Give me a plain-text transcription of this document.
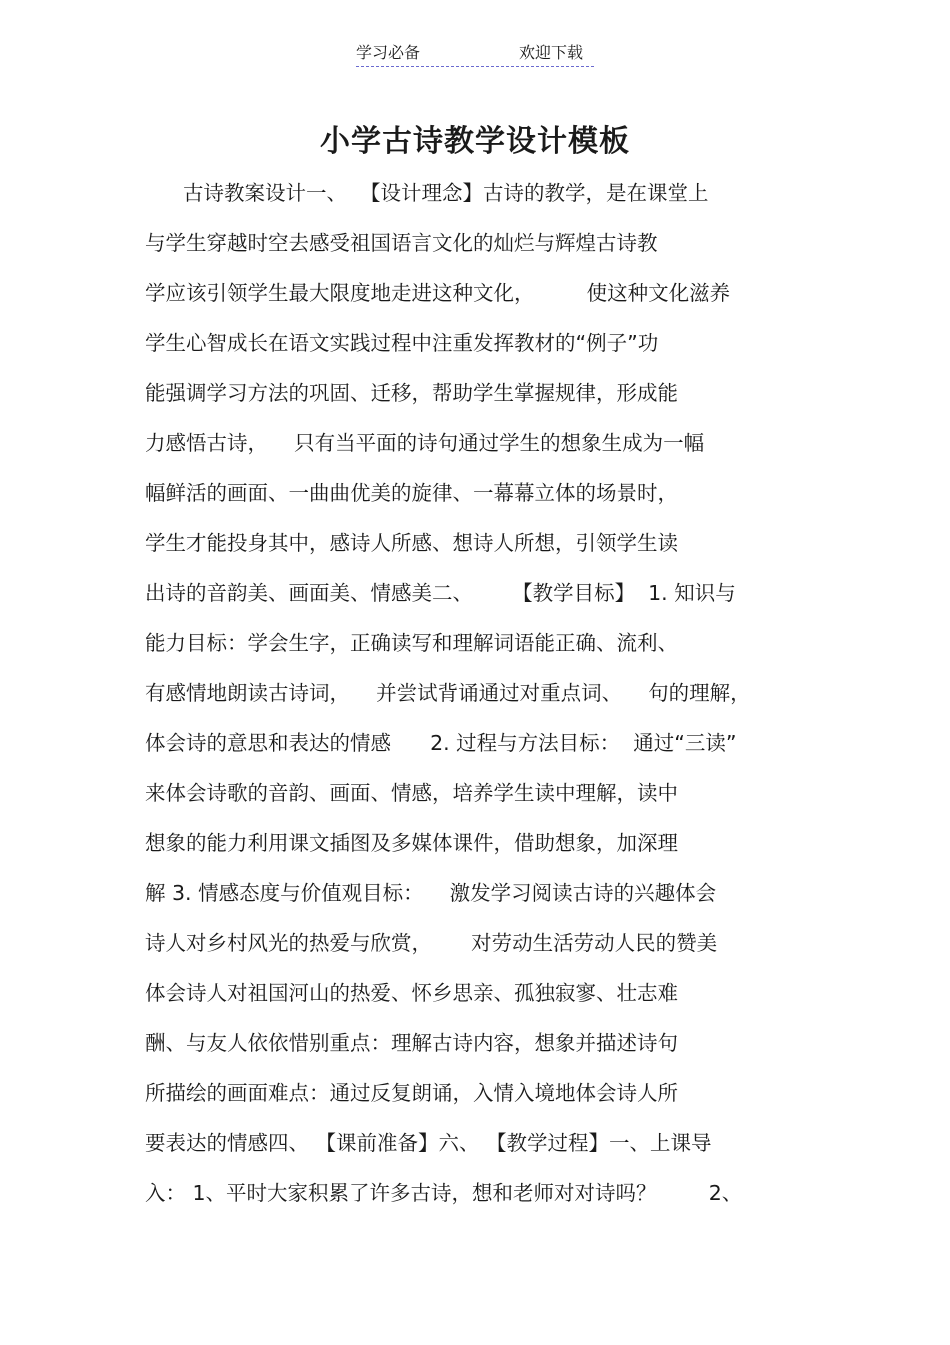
学习必备	欢迎下载
小学古诗教学设计模板
古诗教案设计一、  【设计理念】古诗的教学，是在课堂上
与学生穿越时空去感受祖国语言文化的灿烂与辉煌古诗教
学应该引领学生最大限度地走进这种文化，        使这种文化滋养
学生心智成长在语文实践过程中注重发挥教材的“例子”功
能强调学习方法的巩固、迁移，帮助学生掌握规律，形成能
力感悟古诗，    只有当平面的诗句通过学生的想象生成为一幅
幅鲜活的画面、一曲曲优美的旋律、一幕幕立体的场景时，
学生才能投身其中，感诗人所感、想诗人所想，引领学生读
出诗的音韵美、画面美、情感美二、      【教学目标】  1. 知识与
能力目标：学会生字，正确读写和理解词语能正确、流利、
有感情地朗读古诗词，    并尝试背诵通过对重点词、    句的理解，
体会诗的意思和表达的情感      2. 过程与方法目标：  通过“三读”
来体会诗歌的音韵、画面、情感，培养学生读中理解，读中
想象的能力利用课文插图及多媒体课件，借助想象，加深理
解 3. 情感态度与价值观目标：    激发学习阅读古诗的兴趣体会
诗人对乡村风光的热爱与欣赏，      对劳动生活劳动人民的赞美
体会诗人对祖国河山的热爱、怀乡思亲、孤独寂寥、壮志难
酬、与友人依依惜别重点：理解古诗内容，想象并描述诗句
所描绘的画面难点：通过反复朗诵，入情入境地体会诗人所
要表达的情感四、 【课前准备】六、 【教学过程】一、上课导
入： 1、平时大家积累了许多古诗，想和老师对对诗吗？        2、
